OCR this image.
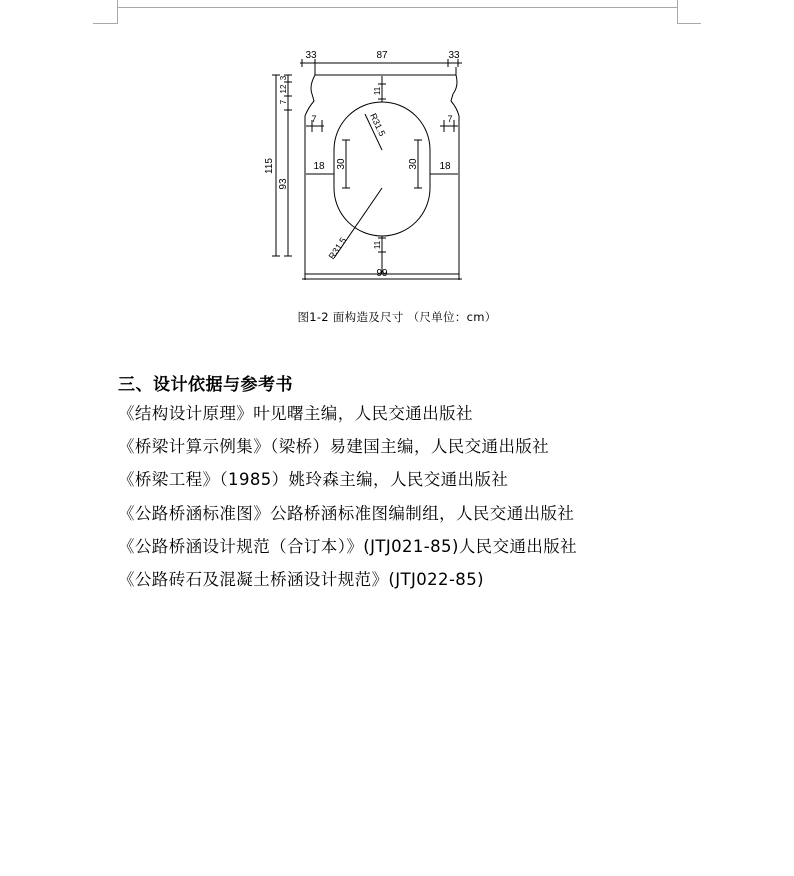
33	87	33
115
93
7
12
3
11
11
7	7
18	18
30	30
R31.5
R31.5
99
图1-2 面构造及尺寸 （尺单位：cm）
三、设计依据与参考书
《结构设计原理》叶见曙主编，人民交通出版社
《桥梁计算示例集》（梁桥）易建国主编，人民交通出版社
《桥梁工程》（1985）姚玲森主编，人民交通出版社
《公路桥涵标准图》公路桥涵标准图编制组，人民交通出版社
《公路桥涵设计规范（合订本）》(JTJ021-85)人民交通出版社
《公路砖石及混凝土桥涵设计规范》(JTJ022-85)
